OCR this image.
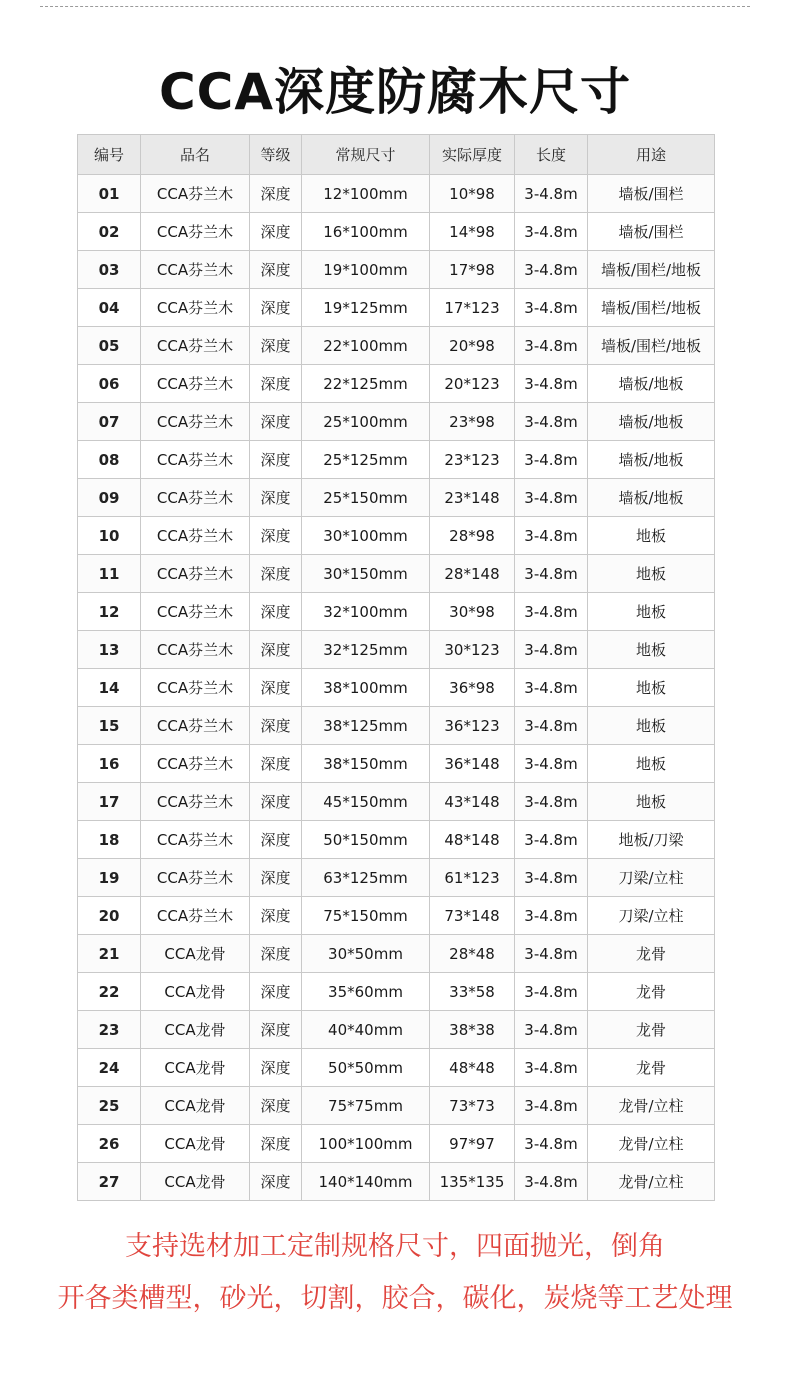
CCA深度防腐木尺寸
编号	品名	等级	常规尺寸	实际厚度	长度	用途
01	CCA芬兰木	深度	12*100mm	10*98	3-4.8m	墙板/围栏
02	CCA芬兰木	深度	16*100mm	14*98	3-4.8m	墙板/围栏
03	CCA芬兰木	深度	19*100mm	17*98	3-4.8m	墙板/围栏/地板
04	CCA芬兰木	深度	19*125mm	17*123	3-4.8m	墙板/围栏/地板
05	CCA芬兰木	深度	22*100mm	20*98	3-4.8m	墙板/围栏/地板
06	CCA芬兰木	深度	22*125mm	20*123	3-4.8m	墙板/地板
07	CCA芬兰木	深度	25*100mm	23*98	3-4.8m	墙板/地板
08	CCA芬兰木	深度	25*125mm	23*123	3-4.8m	墙板/地板
09	CCA芬兰木	深度	25*150mm	23*148	3-4.8m	墙板/地板
10	CCA芬兰木	深度	30*100mm	28*98	3-4.8m	地板
11	CCA芬兰木	深度	30*150mm	28*148	3-4.8m	地板
12	CCA芬兰木	深度	32*100mm	30*98	3-4.8m	地板
13	CCA芬兰木	深度	32*125mm	30*123	3-4.8m	地板
14	CCA芬兰木	深度	38*100mm	36*98	3-4.8m	地板
15	CCA芬兰木	深度	38*125mm	36*123	3-4.8m	地板
16	CCA芬兰木	深度	38*150mm	36*148	3-4.8m	地板
17	CCA芬兰木	深度	45*150mm	43*148	3-4.8m	地板
18	CCA芬兰木	深度	50*150mm	48*148	3-4.8m	地板/刀梁
19	CCA芬兰木	深度	63*125mm	61*123	3-4.8m	刀梁/立柱
20	CCA芬兰木	深度	75*150mm	73*148	3-4.8m	刀梁/立柱
21	CCA龙骨	深度	30*50mm	28*48	3-4.8m	龙骨
22	CCA龙骨	深度	35*60mm	33*58	3-4.8m	龙骨
23	CCA龙骨	深度	40*40mm	38*38	3-4.8m	龙骨
24	CCA龙骨	深度	50*50mm	48*48	3-4.8m	龙骨
25	CCA龙骨	深度	75*75mm	73*73	3-4.8m	龙骨/立柱
26	CCA龙骨	深度	100*100mm	97*97	3-4.8m	龙骨/立柱
27	CCA龙骨	深度	140*140mm	135*135	3-4.8m	龙骨/立柱
支持选材加工定制规格尺寸，四面抛光，倒角
开各类槽型，砂光，切割，胶合，碳化，炭烧等工艺处理
